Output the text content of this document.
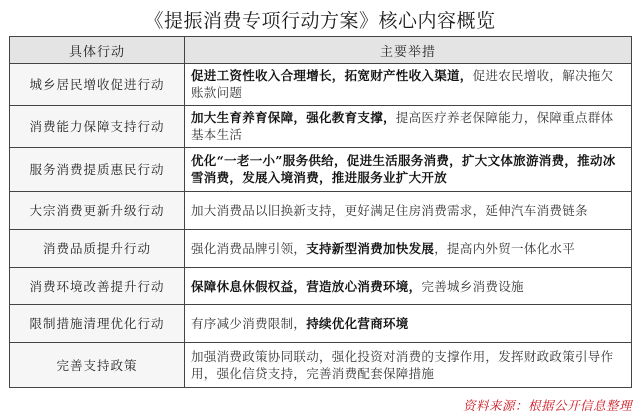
《提振消费专项行动方案》核心内容概览
具体行动	主要举措
城乡居民增收促进行动	促进工资性收入合理增长，拓宽财产性收入渠道，促进农民增收，解决拖欠账款问题
消费能力保障支持行动	加大生育养育保障，强化教育支撑，提高医疗养老保障能力，保障重点群体基本生活
服务消费提质惠民行动	优化“一老一小”服务供给，促进生活服务消费，扩大文体旅游消费，推动冰雪消费，发展入境消费，推进服务业扩大开放
大宗消费更新升级行动	加大消费品以旧换新支持，更好满足住房消费需求，延伸汽车消费链条
消费品质提升行动	强化消费品牌引领，支持新型消费加快发展，提高内外贸一体化水平
消费环境改善提升行动	保障休息休假权益，营造放心消费环境，完善城乡消费设施
限制措施清理优化行动	有序减少消费限制，持续优化营商环境
完善支持政策	加强消费政策协同联动，强化投资对消费的支撑作用，发挥财政政策引导作用，强化信贷支持，完善消费配套保障措施
资料来源：根据公开信息整理
